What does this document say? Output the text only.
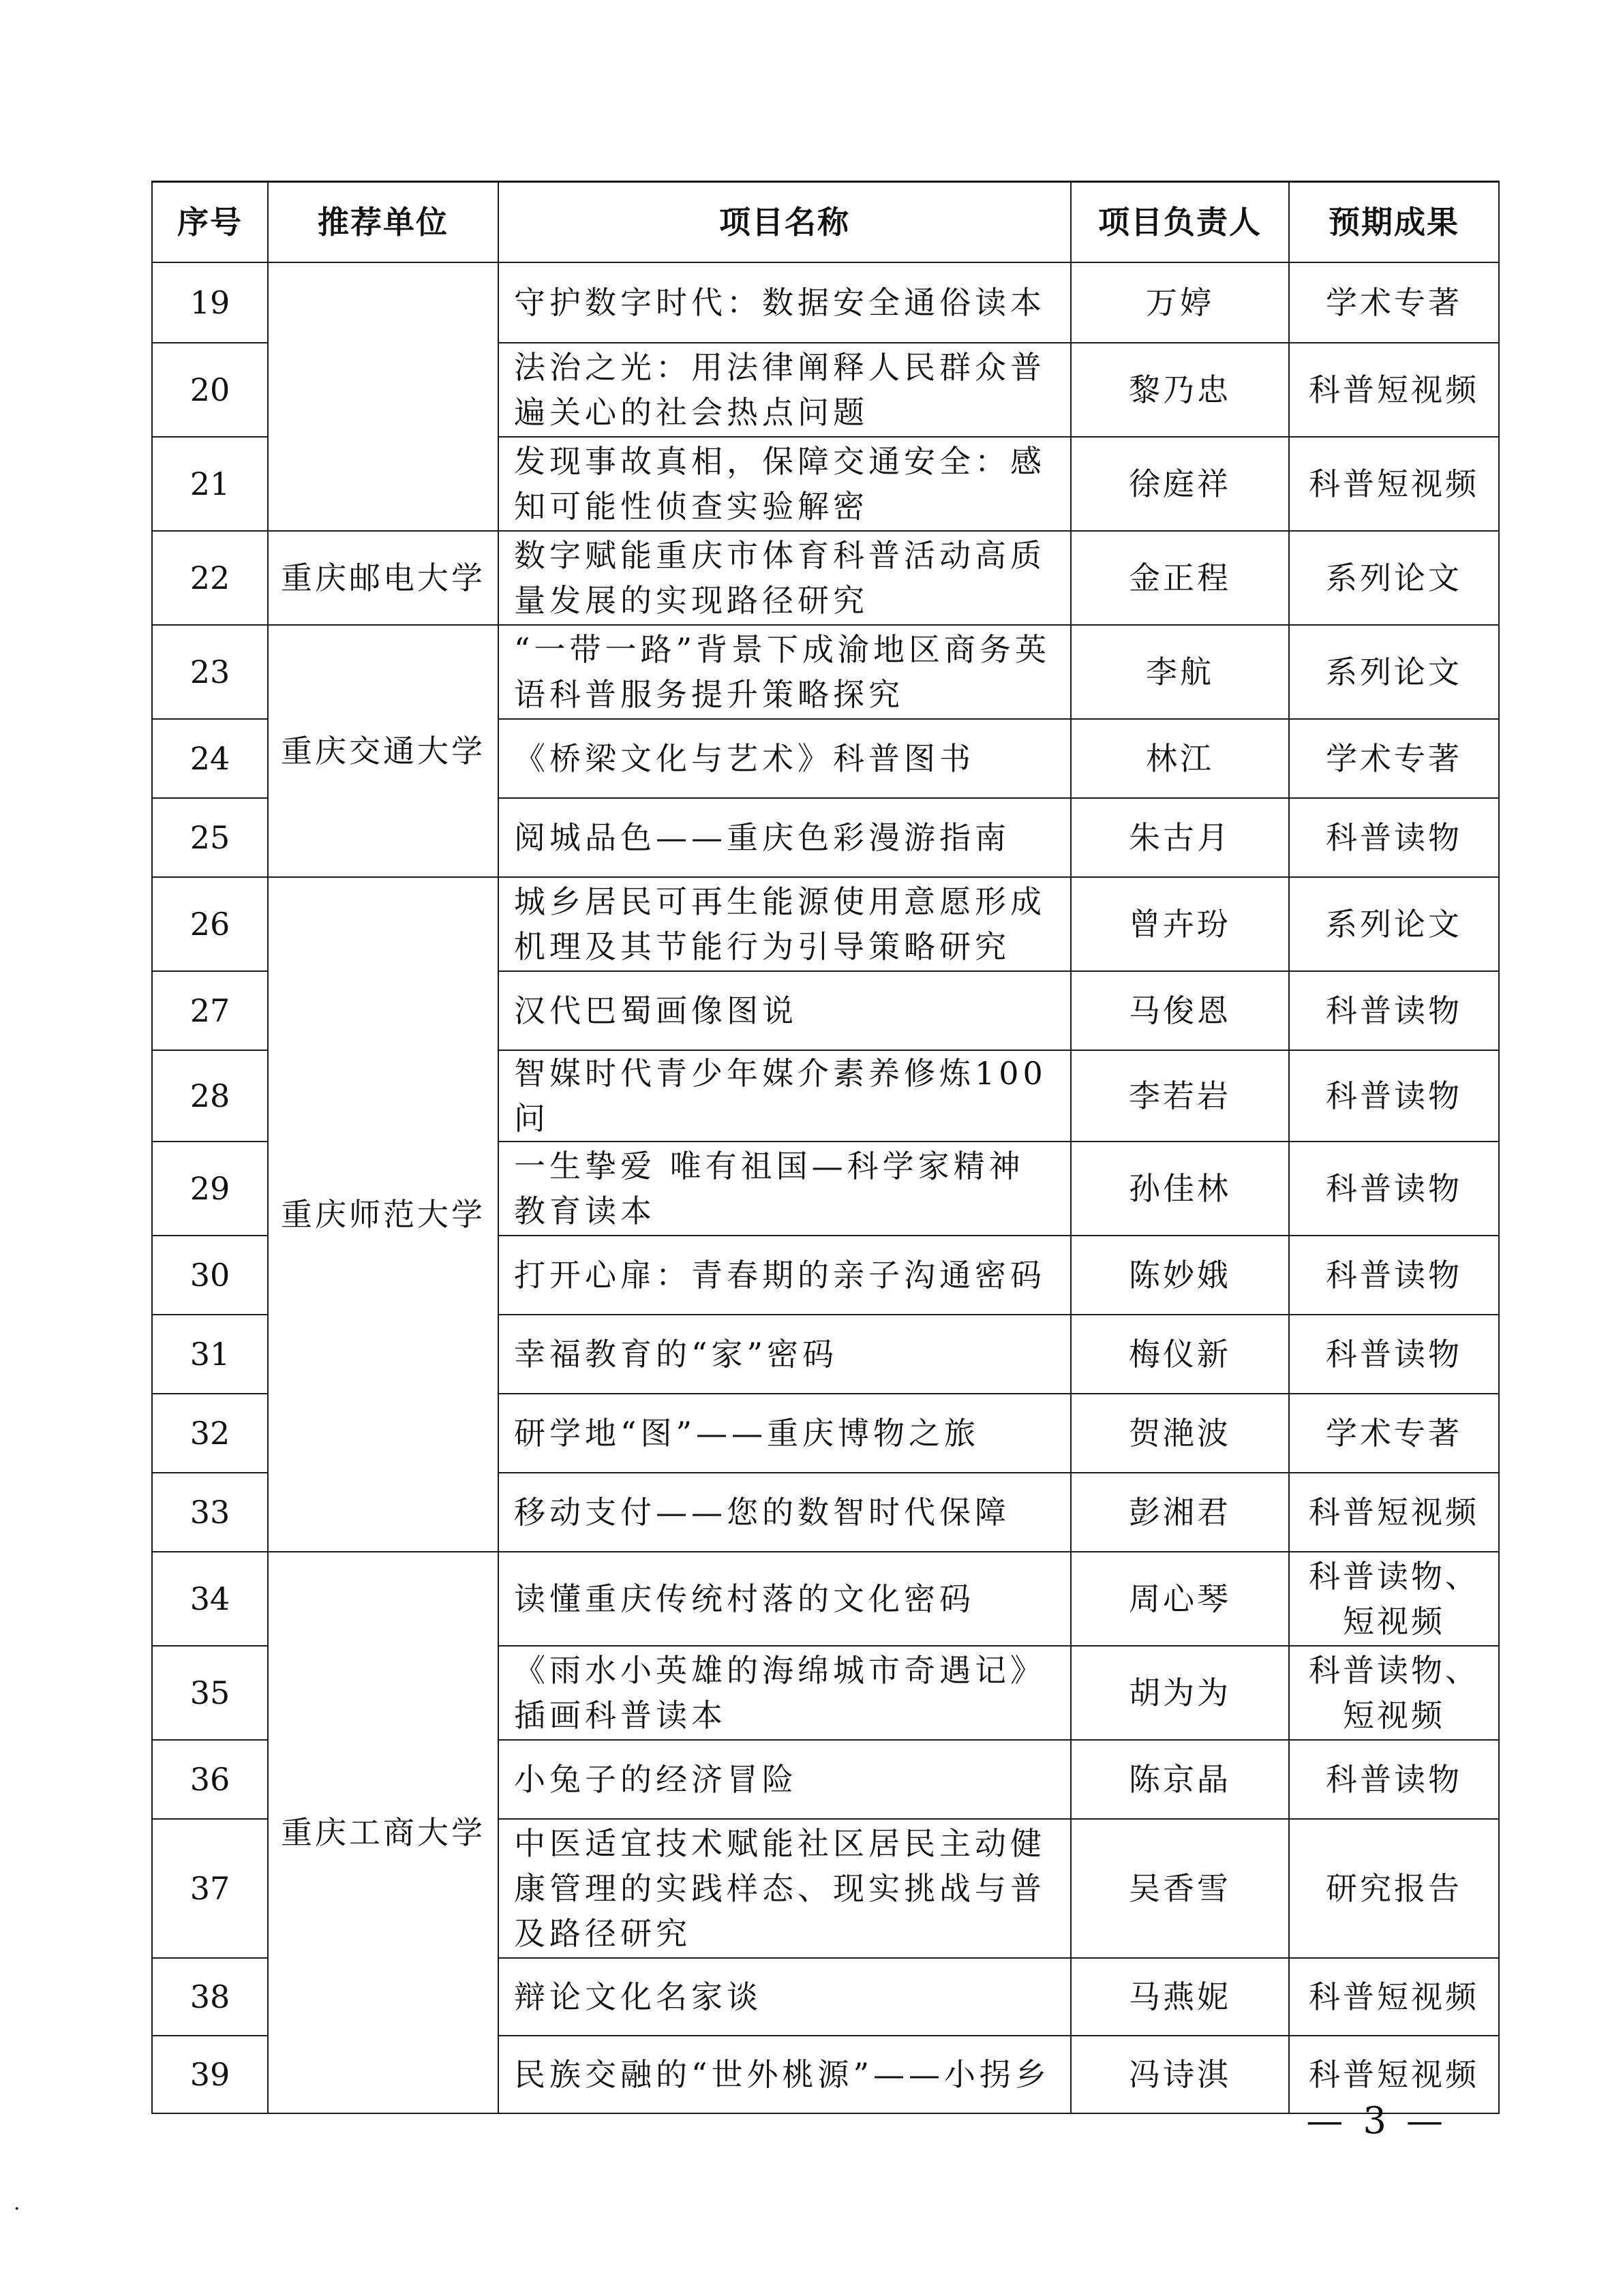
序号	推荐单位	项目名称	项目负责人	预期成果
19		守护数字时代：数据安全通俗读本	万婷	学术专著
20		法治之光：用法律阐释人民群众普遍关心的社会热点问题	黎乃忠	科普短视频
21		发现事故真相，保障交通安全：感知可能性侦查实验解密	徐庭祥	科普短视频
22	重庆邮电大学	数字赋能重庆市体育科普活动高质量发展的实现路径研究	金正程	系列论文
23	重庆交通大学	“一带一路”背景下成渝地区商务英语科普服务提升策略探究	李航	系列论文
24		《桥梁文化与艺术》科普图书	林江	学术专著
25		阅城品色——重庆色彩漫游指南	朱古月	科普读物
26	重庆师范大学	城乡居民可再生能源使用意愿形成机理及其节能行为引导策略研究	曾卉玢	系列论文
27		汉代巴蜀画像图说	马俊恩	科普读物
28		智媒时代青少年媒介素养修炼100问	李若岩	科普读物
29		一生挚爱 唯有祖国—科学家精神教育读本	孙佳林	科普读物
30		打开心扉：青春期的亲子沟通密码	陈妙娥	科普读物
31		幸福教育的“家”密码	梅仪新	科普读物
32		研学地“图”——重庆博物之旅	贺滟波	学术专著
33		移动支付——您的数智时代保障	彭湘君	科普短视频
34	重庆工商大学	读懂重庆传统村落的文化密码	周心琴	科普读物、短视频
35		《雨水小英雄的海绵城市奇遇记》插画科普读本	胡为为	科普读物、短视频
36		小兔子的经济冒险	陈京晶	科普读物
37		中医适宜技术赋能社区居民主动健康管理的实践样态、现实挑战与普及路径研究	吴香雪	研究报告
38		辩论文化名家谈	马燕妮	科普短视频
39		民族交融的“世外桃源”——小拐乡	冯诗淇	科普短视频
— 3 —
.
